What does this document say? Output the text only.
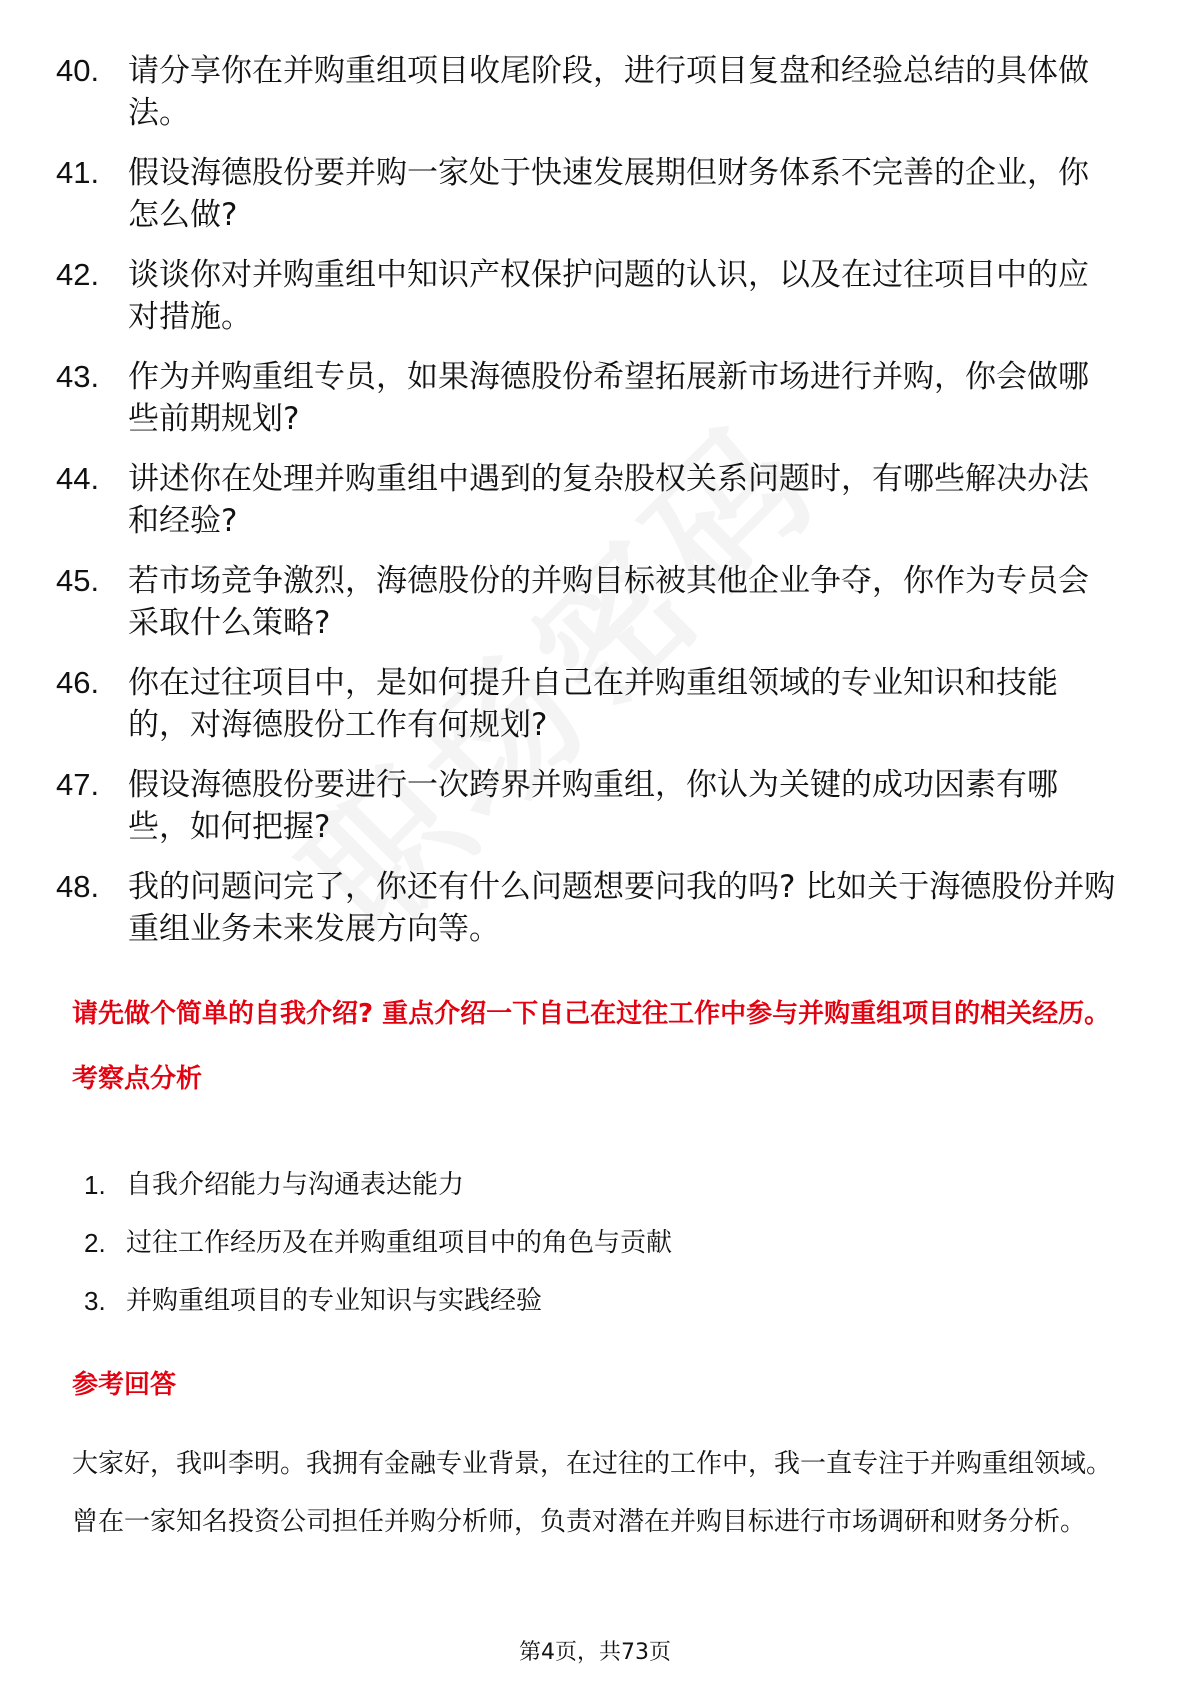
40. 请分享你在并购重组项目收尾阶段，进行项目复盘和经验总结的具体做法。
41. 假设海德股份要并购一家处于快速发展期但财务体系不完善的企业，你怎么做?
42. 谈谈你对并购重组中知识产权保护问题的认识，以及在过往项目中的应对措施。
43. 作为并购重组专员，如果海德股份希望拓展新市场进行并购，你会做哪些前期规划?
44. 讲述你在处理并购重组中遇到的复杂股权关系问题时，有哪些解决办法和经验?
45. 若市场竞争激烈，海德股份的并购目标被其他企业争夺，你作为专员会采取什么策略?
46. 你在过往项目中，是如何提升自己在并购重组领域的专业知识和技能的，对海德股份工作有何规划?
47. 假设海德股份要进行一次跨界并购重组，你认为关键的成功因素有哪些，如何把握?
48. 我的问题问完了，你还有什么问题想要问我的吗? 比如关于海德股份并购重组业务未来发展方向等。
请先做个简单的自我介绍? 重点介绍一下自己在过往工作中参与并购重组项目的相关经历。
考察点分析
1. 自我介绍能力与沟通表达能力
2. 过往工作经历及在并购重组项目中的角色与贡献
3. 并购重组项目的专业知识与实践经验
参考回答
大家好，我叫李明。我拥有金融专业背景，在过往的工作中，我一直专注于并购重组领域。曾在一家知名投资公司担任并购分析师，负责对潜在并购目标进行市场调研和财务分析。
第4页，共73页
